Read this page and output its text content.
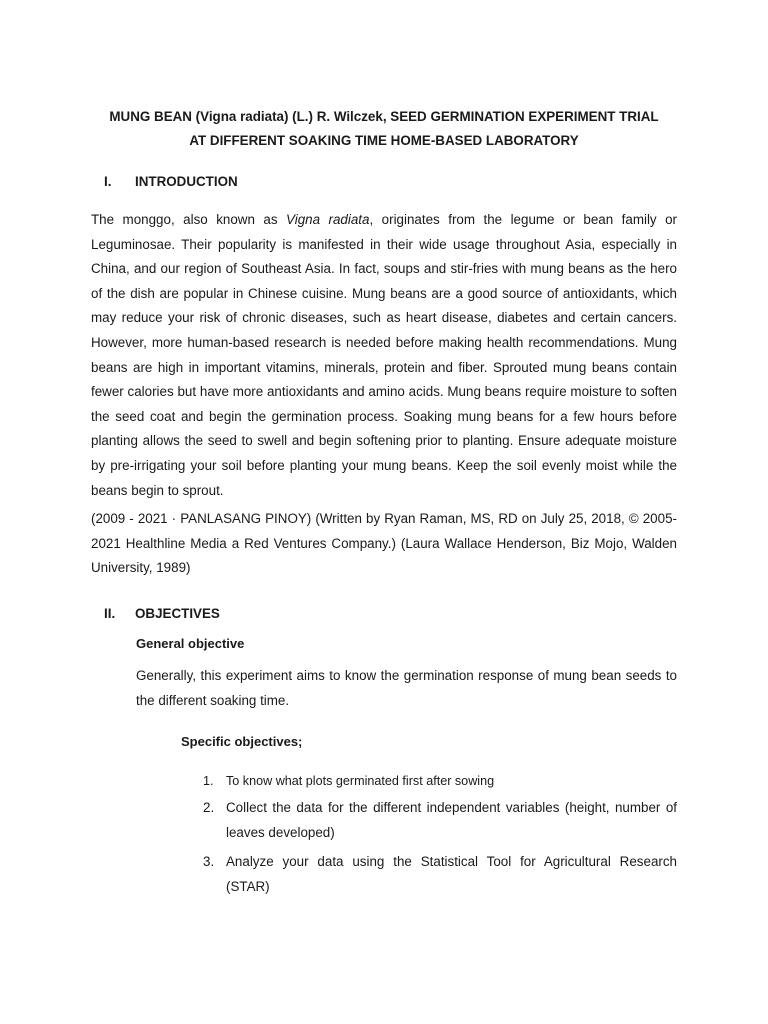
MUNG BEAN (Vigna radiata) (L.) R. Wilczek, SEED GERMINATION EXPERIMENT TRIAL
AT DIFFERENT SOAKING TIME HOME-BASED LABORATORY
I. INTRODUCTION

The monggo, also known as Vigna radiata, originates from the legume or bean family or Leguminosae. Their popularity is manifested in their wide usage throughout Asia, especially in China, and our region of Southeast Asia. In fact, soups and stir-fries with mung beans as the hero of the dish are popular in Chinese cuisine. Mung beans are a good source of antioxidants, which may reduce your risk of chronic diseases, such as heart disease, diabetes and certain cancers. However, more human-based research is needed before making health recommendations. Mung beans are high in important vitamins, minerals, protein and fiber. Sprouted mung beans contain fewer calories but have more antioxidants and amino acids. Mung beans require moisture to soften the seed coat and begin the germination process. Soaking mung beans for a few hours before planting allows the seed to swell and begin softening prior to planting. Ensure adequate moisture by pre-irrigating your soil before planting your mung beans. Keep the soil evenly moist while the beans begin to sprout.

(2009 - 2021 · PANLASANG PINOY) (Written by Ryan Raman, MS, RD on July 25, 2018, © 2005-2021 Healthline Media a Red Ventures Company.) (Laura Wallace Henderson, Biz Mojo, Walden University, 1989)

II. OBJECTIVES
General objective

Generally, this experiment aims to know the germination response of mung bean seeds to the different soaking time.

Specific objectives;
1. To know what plots germinated first after sowing
2. Collect the data for the different independent variables (height, number of leaves developed)
3. Analyze your data using the Statistical Tool for Agricultural Research (STAR)
